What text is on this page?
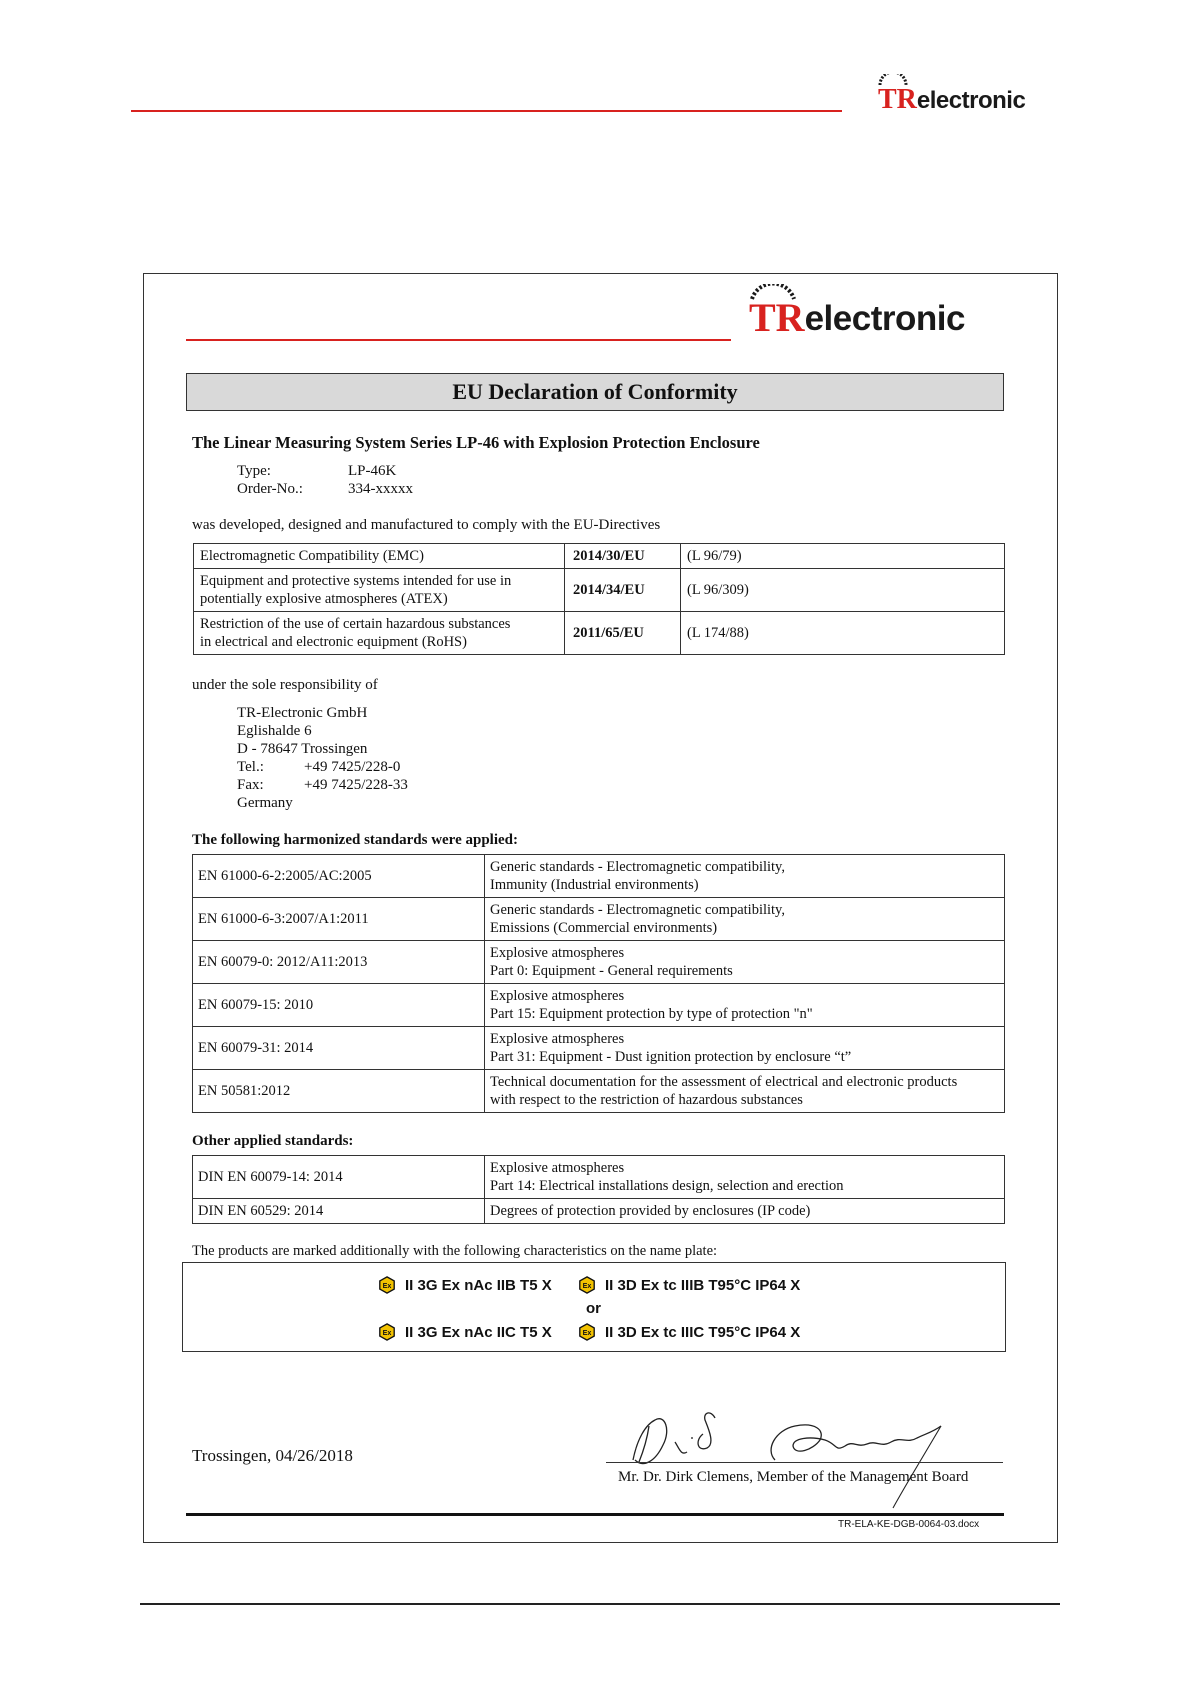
TR electronic
TR electronic
EU Declaration of Conformity
The Linear Measuring System Series LP-46 with Explosion Protection Enclosure
Type:	LP-46K
Order-No.:	334-xxxxx
was developed, designed and manufactured to comply with the EU-Directives
Electromagnetic Compatibility (EMC)	2014/30/EU	(L 96/79)
Equipment and protective systems intended for use in
potentially explosive atmospheres (ATEX)	2014/34/EU	(L 96/309)
Restriction of the use of certain hazardous substances
in electrical and electronic equipment (RoHS)	2011/65/EU	(L 174/88)
under the sole responsibility of
TR-Electronic GmbH
Eglishalde 6
D - 78647 Trossingen
Tel.:	+49 7425/228-0
Fax:	+49 7425/228-33
Germany
The following harmonized standards were applied:
EN 61000-6-2:2005/AC:2005	Generic standards - Electromagnetic compatibility,
Immunity (Industrial environments)
EN 61000-6-3:2007/A1:2011	Generic standards - Electromagnetic compatibility,
Emissions (Commercial environments)
EN 60079-0: 2012/A11:2013	Explosive atmospheres
Part 0: Equipment - General requirements
EN 60079-15: 2010	Explosive atmospheres
Part 15: Equipment protection by type of protection "n"
EN 60079-31: 2014	Explosive atmospheres
Part 31: Equipment - Dust ignition protection by enclosure “t”
EN 50581:2012	Technical documentation for the assessment of electrical and electronic products
with respect to the restriction of hazardous substances
Other applied standards:
DIN EN 60079-14: 2014	Explosive atmospheres
Part 14: Electrical installations design, selection and erection
DIN EN 60529: 2014	Degrees of protection provided by enclosures (IP code)
The products are marked additionally with the following characteristics on the name plate:
Ex II 3G Ex nAc IIB T5 X	Ex II 3D Ex tc IIIB T95°C IP64 X
or
Ex II 3G Ex nAc IIC T5 X	Ex II 3D Ex tc IIIC T95°C IP64 X
Trossingen, 04/26/2018
Mr. Dr. Dirk Clemens, Member of the Management Board
TR-ELA-KE-DGB-0064-03.docx
